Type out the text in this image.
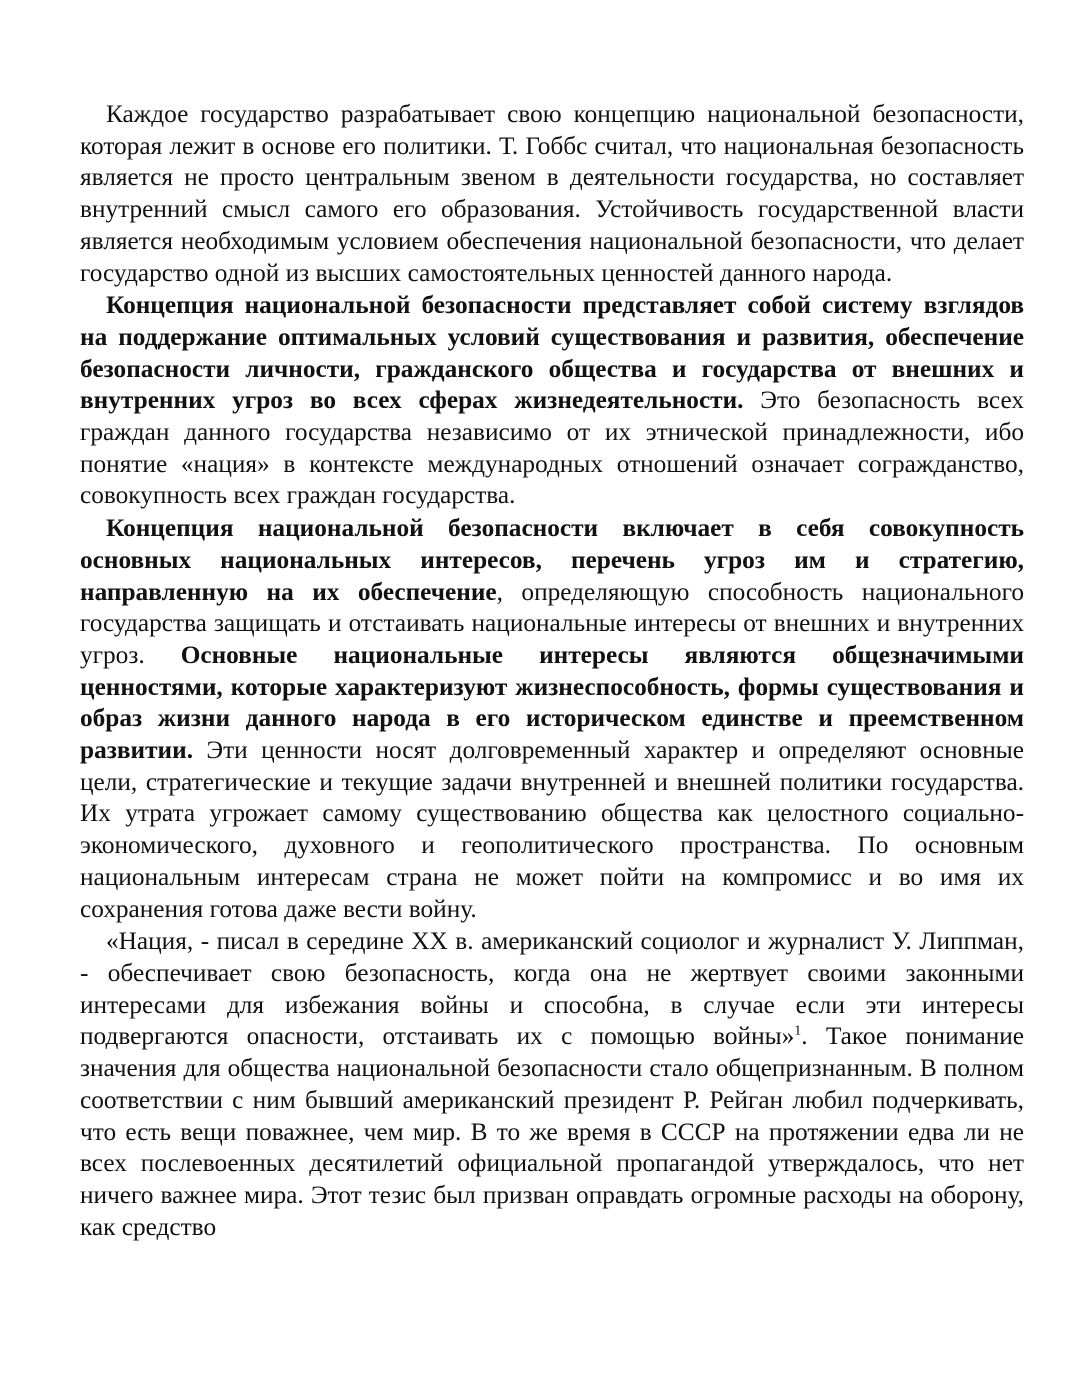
Каждое государство разрабатывает свою концепцию национальной безопасности, которая лежит в основе его политики. Т. Гоббс считал, что национальная безопасность является не просто центральным звеном в деятельности государства, но составляет внутренний смысл самого его образования. Устойчивость государственной власти является необходимым условием обеспечения национальной безопасности, что делает государство одной из высших самостоятельных ценностей данного народа.

Концепция национальной безопасности представляет собой систему взглядов на поддержание оптимальных условий существования и развития, обеспечение безопасности личности, гражданского общества и государства от внешних и внутренних угроз во всех сферах жизнедеятельности. Это безопасность всех граждан данного государства независимо от их этнической принадлежности, ибо понятие «нация» в контексте международных отношений означает согражданство, совокупность всех граждан государства.

Концепция национальной безопасности включает в себя совокупность основных национальных интересов, перечень угроз им и стратегию, направленную на их обеспечение, определяющую способность национального государства защищать и отстаивать национальные интересы от внешних и внутренних угроз. Основные национальные интересы являются общезначимыми ценностями, которые характеризуют жизнеспособность, формы существования и образ жизни данного народа в его историческом единстве и преемственном развитии. Эти ценности носят долговременный характер и определяют основные цели, стратегические и текущие задачи внутренней и внешней политики государства. Их утрата угрожает самому существованию общества как целостного социально-экономического, духовного и геополитического пространства. По основным национальным интересам страна не может пойти на компромисс и во имя их сохранения готова даже вести войну.

«Нация, - писал в середине XX в. американский социолог и журналист У. Липпман, - обеспечивает свою безопасность, когда она не жертвует своими законными интересами для избежания войны и способна, в случае если эти интересы подвергаются опасности, отстаивать их с помощью войны»$^1$. Такое понимание значения для общества национальной безопасности стало общепризнанным. В полном соответствии с ним бывший американский президент Р. Рейган любил подчеркивать, что есть вещи поважнее, чем мир. В то же время в СССР на протяжении едва ли не всех послевоенных десятилетий официальной пропагандой утверждалось, что нет ничего важнее мира. Этот тезис был призван оправдать огромные расходы на оборону, как средство
